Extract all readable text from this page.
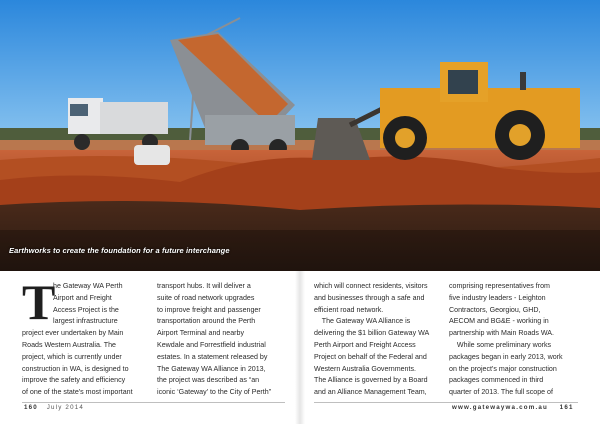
Earthworks to create the foundation for a future interchange
T
he Gateway WA Perth
Airport and Freight
Access Project is the
largest infrastructure
project ever undertaken by Main
Roads Western Australia. The
project, which is currently under
construction in WA, is designed to
improve the safety and efficiency
of one of the state's most important
transport hubs. It will deliver a
suite of road network upgrades
to improve freight and passenger
transportation around the Perth
Airport Terminal and nearby
Kewdale and Forrestfield industrial
estates. In a statement released by
The Gateway WA Alliance in 2013,
the project was described as “an
iconic ‘Gateway’ to the City of Perth”
which will connect residents, visitors
and businesses through a safe and
efficient road network.
The Gateway WA Alliance is
delivering the $1 billion Gateway WA
Perth Airport and Freight Access
Project on behalf of the Federal and
Western Australia Governments.
The Alliance is governed by a Board
and an Alliance Management Team,
comprising representatives from
five industry leaders - Leighton
Contractors, Georgiou, GHD,
AECOM and BG&E - working in
partnership with Main Roads WA.
While some preliminary works
packages began in early 2013, work
on the project's major construction
packages commenced in third
quarter of 2013. The full scope of
160 July 2014	www.gatewaywa.com.au 161
